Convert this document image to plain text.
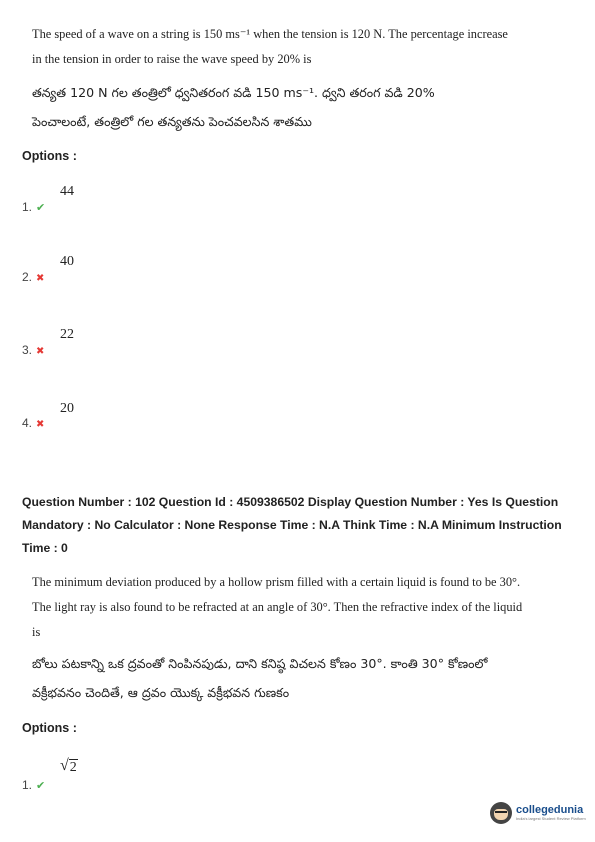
The speed of a wave on a string is 150 ms⁻¹ when the tension is 120 N. The percentage increase
in the tension in order to raise the wave speed by 20% is
తన్యత 120 N గల తంత్రిలో ధ్వనితరంగ వడి 150 ms⁻¹. ధ్వని తరంగ వడి 20%
పెంచాలంటే, తంత్రిలో గల తన్యతను పెంచవలసిన శాతము
Options :
44
1. ✔
40
2. ✖
22
3. ✖
20
4. ✖
Question Number : 102 Question Id : 4509386502 Display Question Number : Yes Is Question
Mandatory : No Calculator : None Response Time : N.A Think Time : N.A Minimum Instruction
Time : 0
The minimum deviation produced by a hollow prism filled with a certain liquid is found to be 30°.
The light ray is also found to be refracted at an angle of 30°. Then the refractive index of the liquid
is
బోలు పటకాన్ని ఒక ద్రవంతో నింపినపుడు, దాని కనిష్ఠ విచలన కోణం 30°. కాంతి 30° కోణంలో
వక్రీభవనం చెందితే, ఆ ద్రవం యొక్క వక్రీభవన గుణకం
Options :
√ 2
1. ✔
collegedunia
India's largest Student Review Platform
